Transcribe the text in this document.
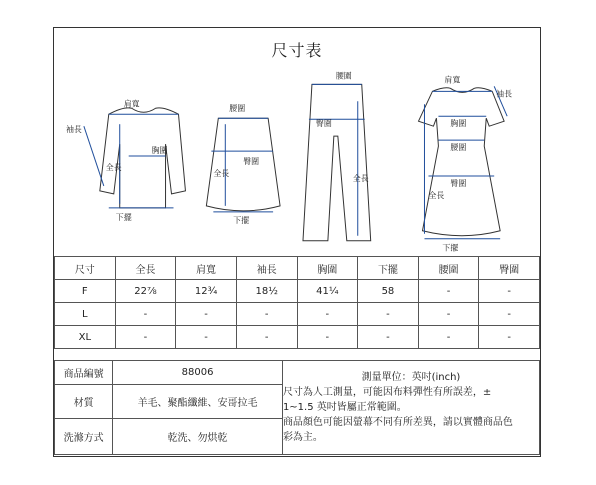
尺寸表
肩寬
袖長
胸圍
全長
下擺
腰圍
臀圍
全長
下擺
腰圍
臀圍
全長
肩寬
袖長
胸圍
腰圍
臀圍
全長
下擺
尺寸	全長	肩寬	袖長	胸圍	下擺	腰圍	臀圍
F	22⅞	12¾	18½	41¼	58	-	-
L	-	-	-	-	-	-	-
XL	-	-	-	-	-	-	-
商品編號	88006	測量單位：英吋(inch)
尺寸為人工測量，可能因布料彈性有所誤差，±
1~1.5 英吋皆屬正常範圍。
商品顏色可能因螢幕不同有所差異，請以實體商品色
彩為主。

材質	羊毛、聚酯纖維、安哥拉毛	
洗滌方式	乾洗、勿烘乾	
